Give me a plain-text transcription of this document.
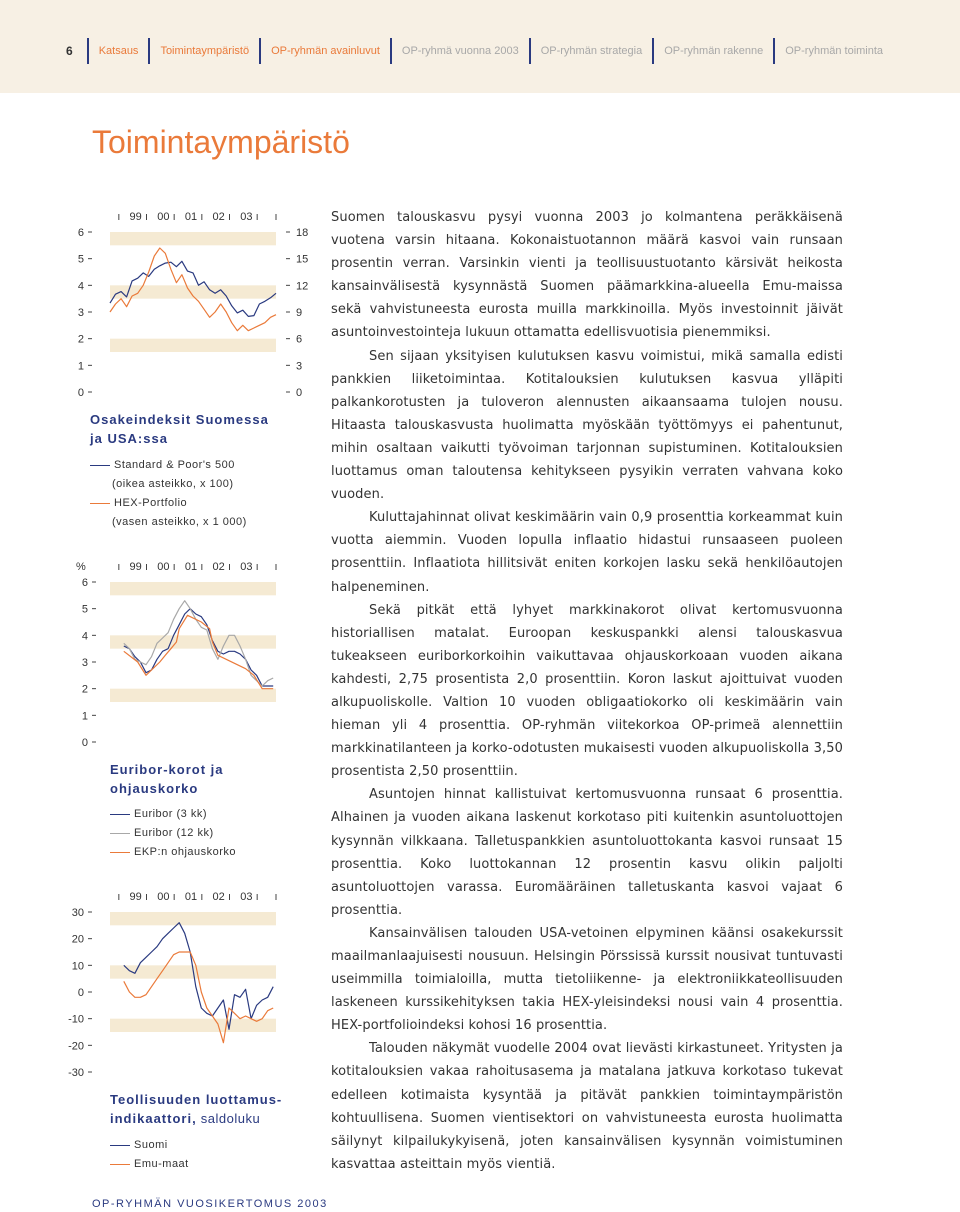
6 Katsaus Toimintaympäristö OP-ryhmän avainluvut OP-ryhmä vuonna 2003 OP-ryhmän strategia OP-ryhmän rakenne OP-ryhmän toiminta
Toimintaympäristö
99 00 01 02 03
0
1
2
3
4
5
6
0
3
6
9
12
15
18
Osakeindeksit Suomessa
ja USA:ssa
Standard & Poor's 500
(oikea asteikko, x 100)
HEX-Portfolio
(vasen asteikko, x 1 000)
99 00 01 02 03
0
1
2
3
4
5
6
%
Euribor-korot ja
ohjauskorko
Euribor (3 kk)
Euribor (12 kk)
EKP:n ohjauskorko
99 00 01 02 03
-30
-20
-10
0
10
20
30
Teollisuuden luottamus-
indikaattori, saldoluku
Suomi
Emu-maat

Suomen talouskasvu pysyi vuonna 2003 jo kolmantena peräkkäisenä vuotena varsin hitaana. Kokonaistuotannon määrä kasvoi vain runsaan prosentin verran. Varsinkin vienti ja teollisuustuotanto kärsivät heikosta kansainvälisestä kysynnästä Suomen päämarkkina-alueella Emu-maissa sekä vahvistuneesta eurosta muilla markkinoilla. Myös investoinnit jäivät asuntoinvestointeja lukuun ottamatta edellisvuotisia pienemmiksi.

Sen sijaan yksityisen kulutuksen kasvu voimistui, mikä samalla edisti pankkien liiketoimintaa. Kotitalouksien kulutuksen kasvua ylläpiti palkankorotusten ja tuloveron alennusten aikaansaama tulojen nousu. Hitaasta talouskasvusta huolimatta myöskään työttömyys ei pahentunut, mihin osaltaan vaikutti työvoiman tarjonnan supistuminen. Kotitalouksien luottamus oman taloutensa kehitykseen pysyikin verraten vahvana koko vuoden.

Kuluttajahinnat olivat keskimäärin vain 0,9 prosenttia korkeammat kuin vuotta aiemmin. Vuoden lopulla inflaatio hidastui runsaaseen puoleen prosenttiin. Inflaatiota hillitsivät eniten korkojen lasku sekä henkilöautojen halpeneminen.

Sekä pitkät että lyhyet markkinakorot olivat kertomusvuonna historiallisen matalat. Euroopan keskuspankki alensi talouskasvua tukeakseen euriborkorkoihin vaikuttavaa ohjauskorkoaan vuoden aikana kahdesti, 2,75 prosentista 2,0 prosenttiin. Koron laskut ajoittuivat vuoden alkupuoliskolle. Valtion 10 vuoden obligaatiokorko oli keskimäärin vain hieman yli 4 prosenttia. OP-ryhmän viitekorkoa OP-primeä alennettiin markkinatilanteen ja korko-odotusten mukaisesti vuoden alkupuoliskolla 3,50 prosentista 2,50 prosenttiin.

Asuntojen hinnat kallistuivat kertomusvuonna runsaat 6 prosenttia. Alhainen ja vuoden aikana laskenut korkotaso piti kuitenkin asuntoluottojen kysynnän vilkkaana. Talletuspankkien asuntoluottokanta kasvoi runsaat 15 prosenttia. Koko luottokannan 12 prosentin kasvu olikin paljolti asuntoluottojen varassa. Euromääräinen talletuskanta kasvoi vajaat 6 prosenttia.

Kansainvälisen talouden USA-vetoinen elpyminen käänsi osakekurssit maailmanlaajuisesti nousuun. Helsingin Pörssissä kurssit nousivat tuntuvasti useimmilla toimialoilla, mutta tietoliikenne- ja elektroniikkateollisuuden laskeneen kurssikehityksen takia HEX-yleisindeksi nousi vain 4 prosenttia. HEX-portfolioindeksi kohosi 16 prosenttia.

Talouden näkymät vuodelle 2004 ovat lievästi kirkastuneet. Yritysten ja kotitalouksien vakaa rahoitusasema ja matalana jatkuva korkotaso tukevat edelleen kotimaista kysyntää ja pitävät pankkien toimintaympäristön kohtuullisena. Suomen vientisektori on vahvistuneesta eurosta huolimatta säilynyt kilpailukykyisenä, joten kansainvälisen kysynnän voimistuminen kasvattaa asteittain myös vientiä.

OP-RYHMÄN VUOSIKERTOMUS 2003
